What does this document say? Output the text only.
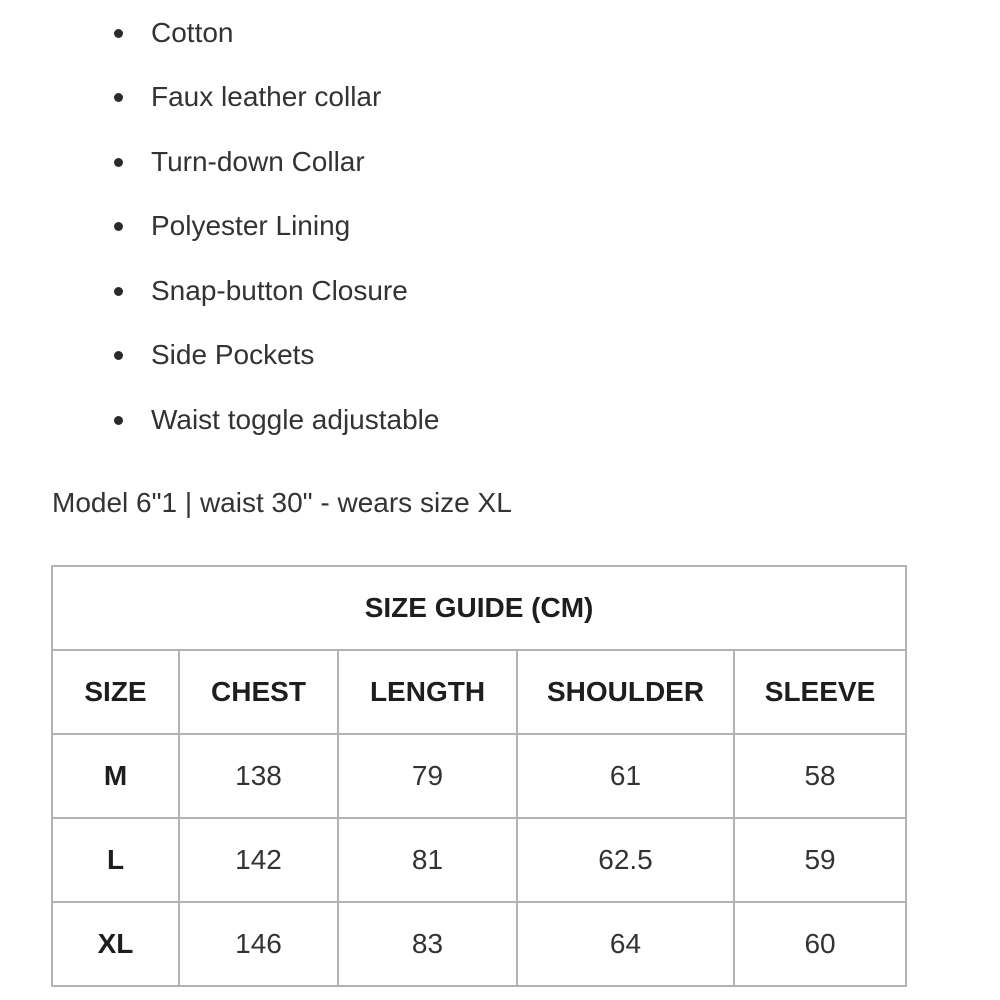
Cotton
Faux leather collar
Turn-down Collar
Polyester Lining
Snap-button Closure
Side Pockets
Waist toggle adjustable
Model 6"1 | waist 30" - wears size XL
SIZE GUIDE (CM)				
SIZE	CHEST	LENGTH	SHOULDER	SLEEVE
M	138	79	61	58
L	142	81	62.5	59
XL	146	83	64	60
